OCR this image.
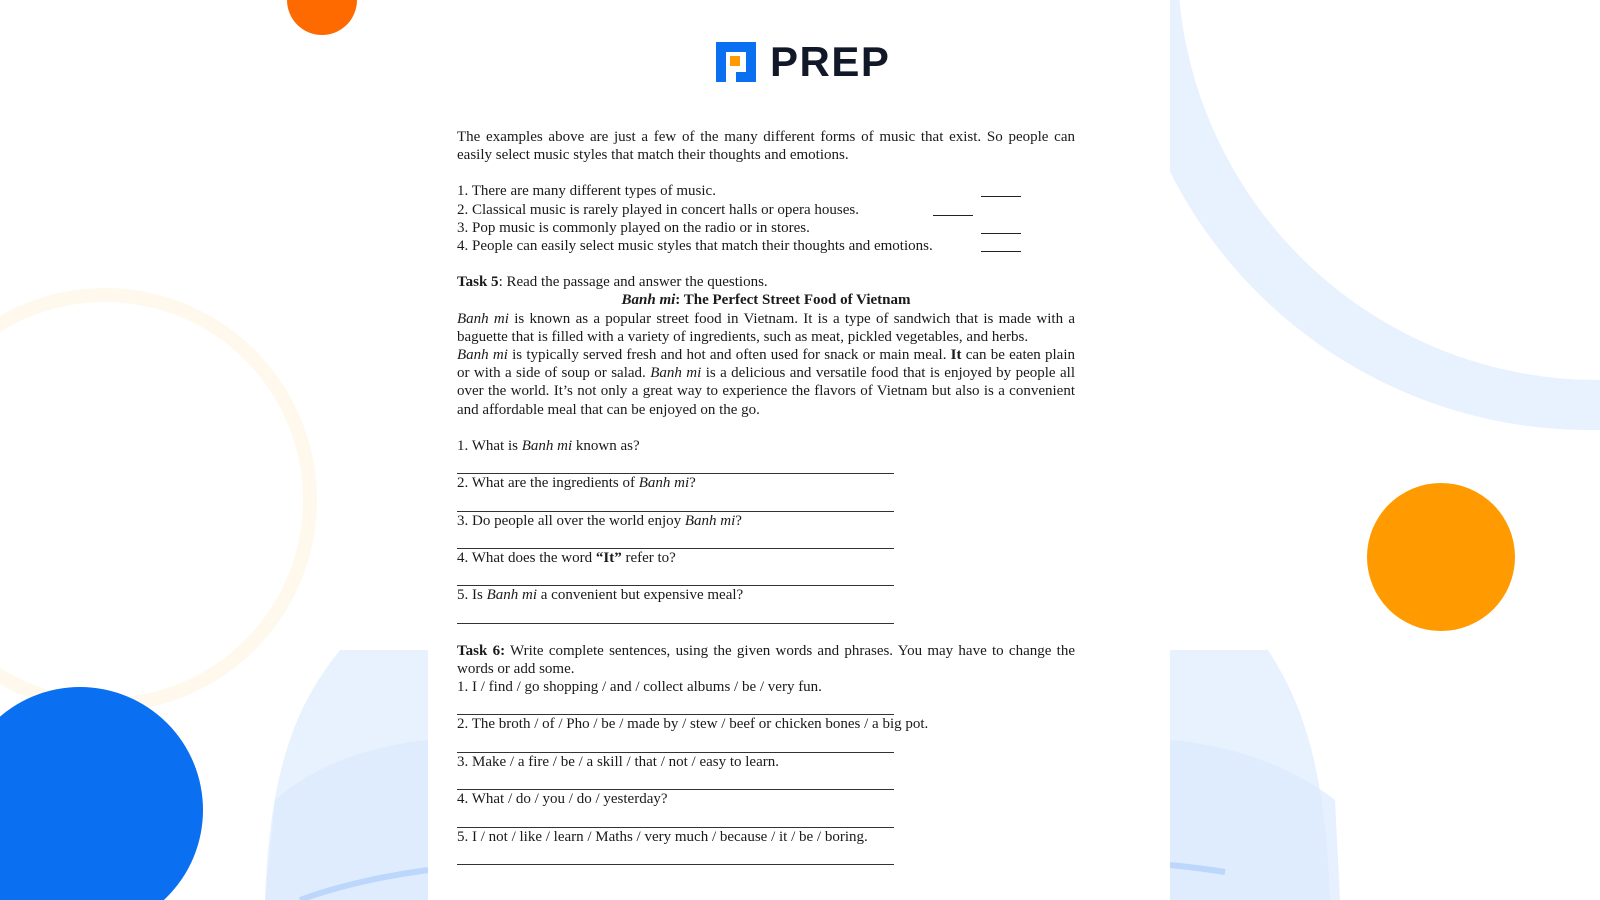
PREP

The examples above are just a few of the many different forms of music that exist. So people can easily select music styles that match their thoughts and emotions.

1. There are many different types of music.
2. Classical music is rarely played in concert halls or opera houses.
3. Pop music is commonly played on the radio or in stores.
4. People can easily select music styles that match their thoughts and emotions.
Task 5: Read the passage and answer the questions.
Banh mi: The Perfect Street Food of Vietnam

Banh mi is known as a popular street food in Vietnam. It is a type of sandwich that is made with a baguette that is filled with a variety of ingredients, such as meat, pickled vegetables, and herbs.

Banh mi is typically served fresh and hot and often used for snack or main meal. It can be eaten plain or with a side of soup or salad. Banh mi is a delicious and versatile food that is enjoyed by people all over the world. It’s not only a great way to experience the flavors of Vietnam but also is a convenient and affordable meal that can be enjoyed on the go.

1. What is Banh mi known as?
2. What are the ingredients of Banh mi?
3. Do people all over the world enjoy Banh mi?
4. What does the word “It” refer to?
5. Is Banh mi a convenient but expensive meal?

Task 6: Write complete sentences, using the given words and phrases. You may have to change the words or add some.

1. I / find / go shopping / and / collect albums / be / very fun.
2. The broth / of / Pho / be / made by / stew / beef or chicken bones / a big pot.
3. Make / a fire / be / a skill / that / not / easy to learn.
4. What / do / you / do / yesterday?
5. I / not / like / learn / Maths / very much / because / it / be / boring.
